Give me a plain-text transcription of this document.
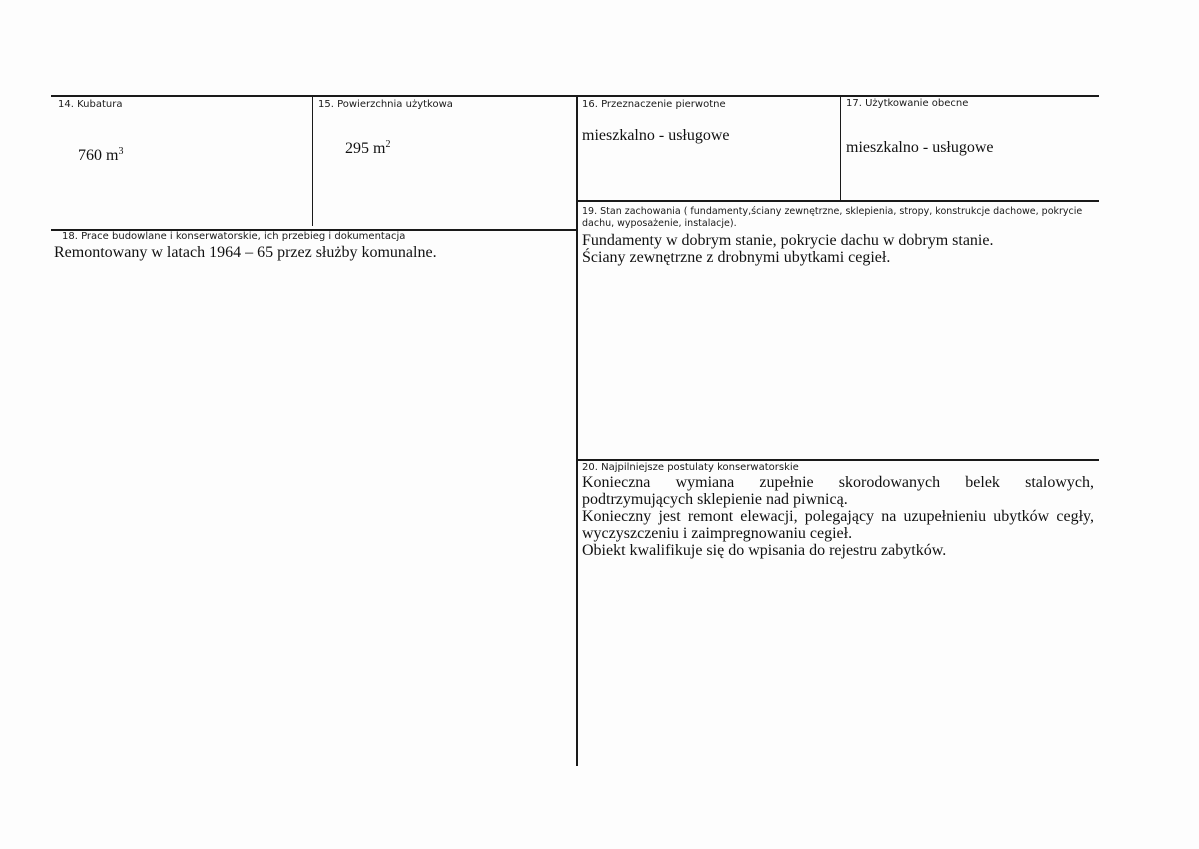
14. Kubatura
760 $m^3$
15. Powierzchnia użytkowa
295 $m^2$
16. Przeznaczenie pierwotne
mieszkalno - usługowe
17. Użytkowanie obecne
mieszkalno - usługowe
19. Stan zachowania ( fundamenty,ściany zewnętrzne, sklepienia, stropy, konstrukcje dachowe, pokrycie dachu, wyposażenie, instalacje).
Fundamenty w dobrym stanie, pokrycie dachu w dobrym stanie.
Ściany zewnętrzne z drobnymi ubytkami cegieł.
18. Prace budowlane i konserwatorskie, ich przebieg i dokumentacja
Remontowany w latach 1964 – 65 przez służby komunalne.
20. Najpilniejsze postulaty konserwatorskie
Konieczna wymiana zupełnie skorodowanych belek stalowych, podtrzymujących sklepienie nad piwnicą.
Konieczny jest remont elewacji, polegający na uzupełnieniu ubytków cegły, wyczyszczeniu i zaimpregnowaniu cegieł.
Obiekt kwalifikuje się do wpisania do rejestru zabytków.
